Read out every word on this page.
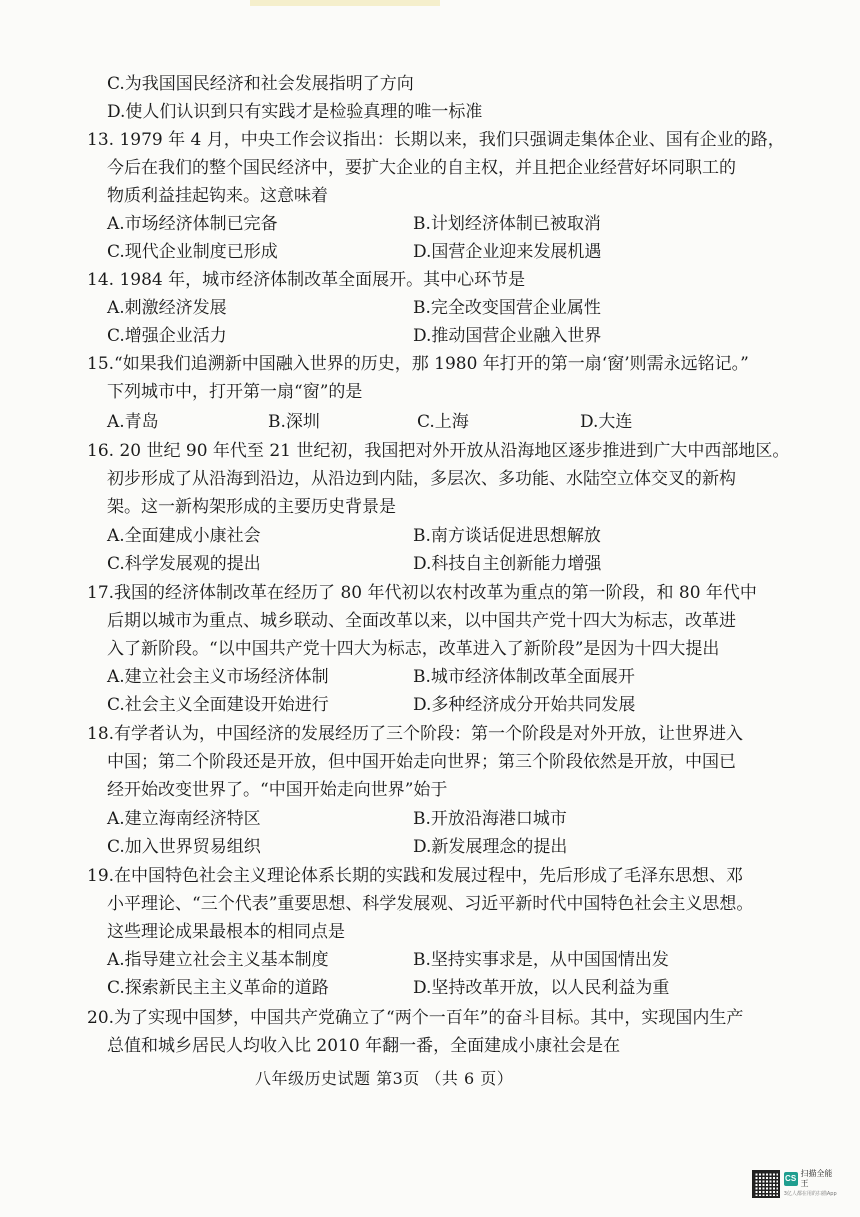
C.为我国国民经济和社会发展指明了方向
D.使人们认识到只有实践才是检验真理的唯一标准
13. 1979 年 4 月，中央工作会议指出：长期以来，我们只强调走集体企业、国有企业的路，
今后在我们的整个国民经济中，要扩大企业的自主权，并且把企业经营好坏同职工的
物质利益挂起钩来。这意味着
A.市场经济体制已完备	B.计划经济体制已被取消
C.现代企业制度已形成	D.国营企业迎来发展机遇
14. 1984 年，城市经济体制改革全面展开。其中心环节是
A.刺激经济发展	B.完全改变国营企业属性
C.增强企业活力	D.推动国营企业融入世界
15.“如果我们追溯新中国融入世界的历史，那 1980 年打开的第一扇‘窗’则需永远铭记。”
下列城市中，打开第一扇“窗”的是
A.青岛	B.深圳	C.上海	D.大连
16. 20 世纪 90 年代至 21 世纪初，我国把对外开放从沿海地区逐步推进到广大中西部地区。
初步形成了从沿海到沿边，从沿边到内陆，多层次、多功能、水陆空立体交叉的新构
架。这一新构架形成的主要历史背景是
A.全面建成小康社会	B.南方谈话促进思想解放
C.科学发展观的提出	D.科技自主创新能力增强
17.我国的经济体制改革在经历了 80 年代初以农村改革为重点的第一阶段，和 80 年代中
后期以城市为重点、城乡联动、全面改革以来，以中国共产党十四大为标志，改革进
入了新阶段。“以中国共产党十四大为标志，改革进入了新阶段”是因为十四大提出
A.建立社会主义市场经济体制	B.城市经济体制改革全面展开
C.社会主义全面建设开始进行	D.多种经济成分开始共同发展
18.有学者认为，中国经济的发展经历了三个阶段：第一个阶段是对外开放，让世界进入
中国；第二个阶段还是开放，但中国开始走向世界；第三个阶段依然是开放，中国已
经开始改变世界了。“中国开始走向世界”始于
A.建立海南经济特区	B.开放沿海港口城市
C.加入世界贸易组织	D.新发展理念的提出
19.在中国特色社会主义理论体系长期的实践和发展过程中，先后形成了毛泽东思想、邓
小平理论、“三个代表”重要思想、科学发展观、习近平新时代中国特色社会主义思想。
这些理论成果最根本的相同点是
A.指导建立社会主义基本制度	B.坚持实事求是，从中国国情出发
C.探索新民主主义革命的道路	D.坚持改革开放，以人民利益为重
20.为了实现中国梦，中国共产党确立了“两个一百年”的奋斗目标。其中，实现国内生产
总值和城乡居民人均收入比 2010 年翻一番，全面建成小康社会是在
八年级历史试题 第3页 （共 6 页）
CS
扫描全能王
3亿人都在用的扫描App
